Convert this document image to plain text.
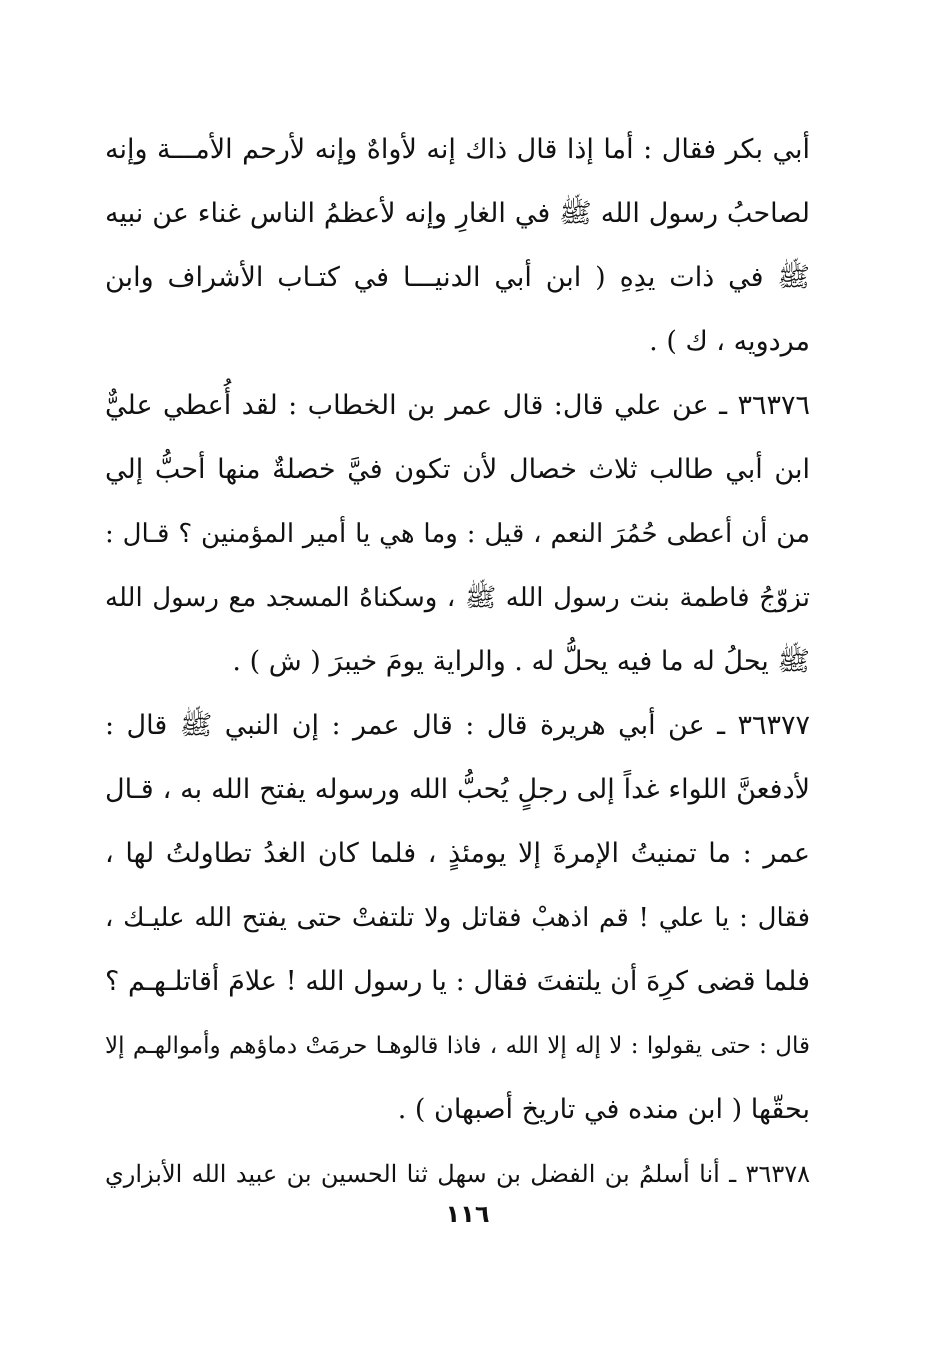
أبي بكر فقال : أما إذا قال ذاك إنه لأواهٌ وإنه لأرحم الأمـــة وإنه
لصاحبُ رسول الله ﷺ في الغارِ وإنه لأعظمُ الناس غناء عن نبيه
ﷺ في ذات يدِهِ ( ابن أبي الدنيـــا في كتـاب الأشراف وابن
مردويه ، ك ) .
٣٦٣٧٦ ـ عن علي قال: قال عمر بن الخطاب : لقد أُعطي عليٌّ
ابن أبي طالب ثلاث خصال لأن تكون فيَّ خصلةٌ منها أحبُّ إلي
من أن أعطى حُمُرَ النعم ، قيل : وما هي يا أمير المؤمنين ؟ قـال :
تزوّجُ فاطمة بنت رسول الله ﷺ ، وسكناهُ المسجد مع رسول الله
ﷺ يحلُ له ما فيه يحلُّ له . والراية يومَ خيبرَ ( ش ) .
٣٦٣٧٧ ـ عن أبي هريرة قال : قال عمر : إن النبي ﷺ قال :
لأدفعنَّ اللواء غداً إلى رجلٍ يُحبُّ الله ورسوله يفتح الله به ، قـال
عمر : ما تمنيتُ الإمرةَ إلا يومئذٍ ، فلما كان الغدُ تطاولتُ لها ،
فقال : يا علي ! قم اذهبْ فقاتل ولا تلتفتْ حتى يفتح الله عليـك ،
فلما قضى كرِهَ أن يلتفتَ فقال : يا رسول الله ! علامَ أقاتلـهـم ؟
قال : حتى يقولوا : لا إله إلا الله ، فاذا قالوهـا حرمَتْ دماؤهم وأموالهـم إلا
بحقّها ( ابن منده في تاريخ أصبهان ) .
٣٦٣٧٨ ـ أنا أسلمُ بن الفضل بن سهل ثنا الحسين بن عبيد الله الأبزاري
١١٦
